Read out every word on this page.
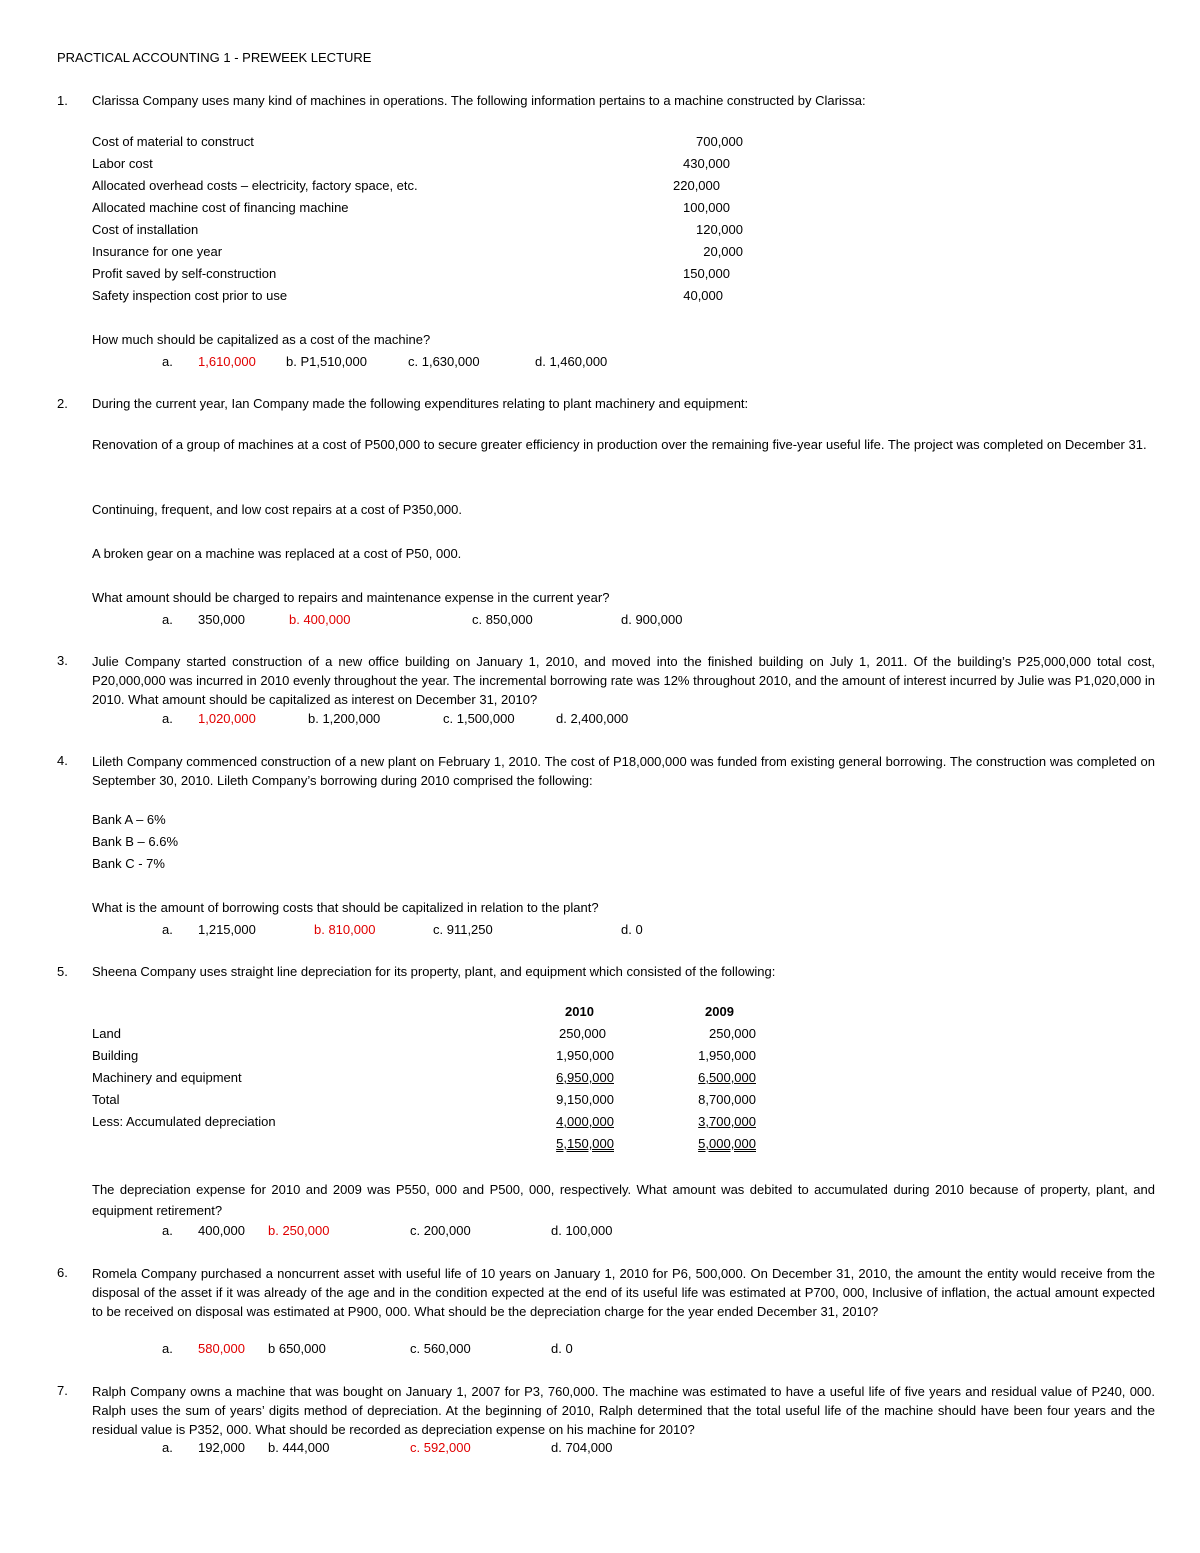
PRACTICAL ACCOUNTING 1 - PREWEEK LECTURE
1. Clarissa Company uses many kind of machines in operations. The following information pertains to a machine constructed by Clarissa:
Cost of material to construct	700,000
Labor cost	430,000
Allocated overhead costs – electricity, factory space, etc.	220,000
Allocated machine cost of financing machine	100,000
Cost of installation	120,000
Insurance for one year	20,000
Profit saved by self-construction	150,000
Safety inspection cost prior to use	40,000
How much should be capitalized as a cost of the machine?
a. 1,610,000 b. P1,510,000	c. 1,630,000	d. 1,460,000
2. During the current year, Ian Company made the following expenditures relating to plant machinery and equipment:
Renovation of a group of machines at a cost of P500,000 to secure greater efficiency in production over the remaining five-year useful life. The project was completed on December 31.
Continuing, frequent, and low cost repairs at a cost of P350,000.
A broken gear on a machine was replaced at a cost of P50, 000.
What amount should be charged to repairs and maintenance expense in the current year?
a. 350,000	b. 400,000	c. 850,000	d. 900,000
3. Julie Company started construction of a new office building on January 1, 2010, and moved into the finished building on July 1, 2011. Of the building’s P25,000,000 total cost, P20,000,000 was incurred in 2010 evenly throughout the year. The incremental borrowing rate was 12% throughout 2010, and the amount of interest incurred by Julie was P1,020,000 in 2010. What amount should be capitalized as interest on December 31, 2010?
a. 1,020,000	b. 1,200,000	c. 1,500,000	d. 2,400,000
4. Lileth Company commenced construction of a new plant on February 1, 2010. The cost of P18,000,000 was funded from existing general borrowing. The construction was completed on September 30, 2010. Lileth Company’s borrowing during 2010 comprised the following:
Bank A – 6%
Bank B – 6.6%
Bank C - 7%
What is the amount of borrowing costs that should be capitalized in relation to the plant?
a. 1,215,000	b. 810,000	c. 911,250	d. 0
5. Sheena Company uses straight line depreciation for its property, plant, and equipment which consisted of the following:
2010	2009
Land	250,000	250,000
Building	1,950,000	1,950,000
Machinery and equipment	6,950,000	6,500,000
Total	9,150,000	8,700,000
Less: Accumulated depreciation	4,000,000	3,700,000
5,150,000	5,000,000
The depreciation expense for 2010 and 2009 was P550, 000 and P500, 000, respectively. What amount was debited to accumulated during 2010 because of property, plant, and equipment retirement?
a. 400,000 b. 250,000	c. 200,000	d. 100,000
6. Romela Company purchased a noncurrent asset with useful life of 10 years on January 1, 2010 for P6, 500,000. On December 31, 2010, the amount the entity would receive from the disposal of the asset if it was already of the age and in the condition expected at the end of its useful life was estimated at P700, 000, Inclusive of inflation, the actual amount expected to be received on disposal was estimated at P900, 000. What should be the depreciation charge for the year ended December 31, 2010?
a. 580,000 b 650,000	c. 560,000	d. 0
7. Ralph Company owns a machine that was bought on January 1, 2007 for P3, 760,000. The machine was estimated to have a useful life of five years and residual value of P240, 000. Ralph uses the sum of years’ digits method of depreciation. At the beginning of 2010, Ralph determined that the total useful life of the machine should have been four years and the residual value is P352, 000. What should be recorded as depreciation expense on his machine for 2010?
a. 192,000 b. 444,000	c. 592,000	d. 704,000
